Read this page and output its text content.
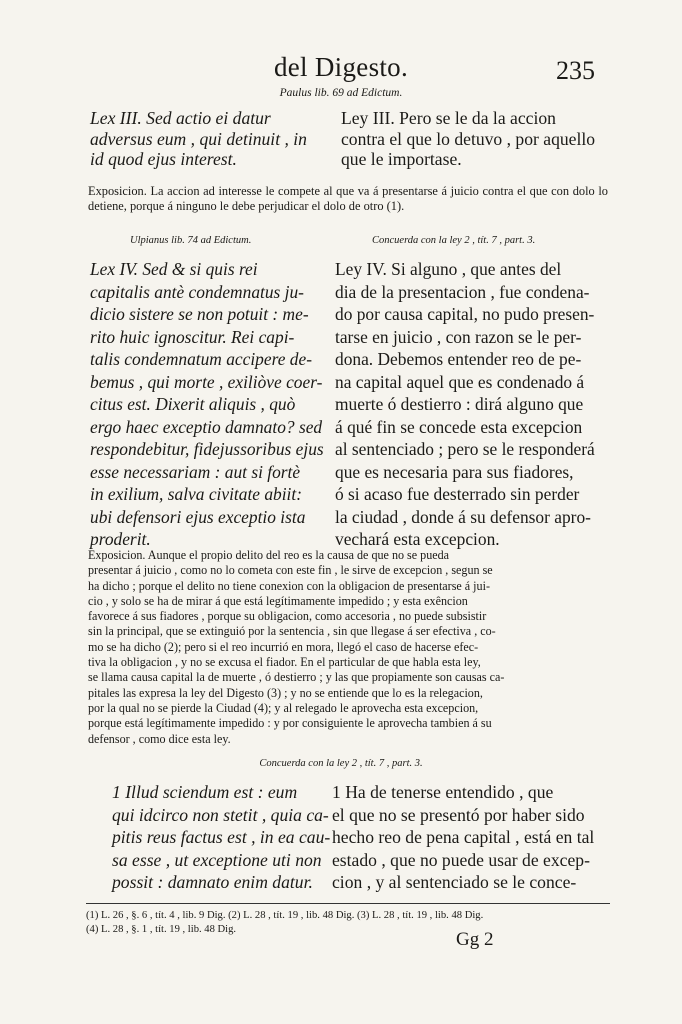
del Digesto.	235
Paulus lib. 69 ad Edictum.
Lex III. Sed actio ei datur
adversus eum , qui detinuit , in
id quod ejus interest.
Ley III. Pero se le da la accion
contra el que lo detuvo , por aquello
que le importase.
Exposicion. La accion ad interesse le compete al que va á presentarse á juicio contra el que con dolo lo detiene, porque á ninguno le debe perjudicar el dolo de otro (1).
Ulpianus lib. 74 ad Edictum.	Concuerda con la ley 2 , tít. 7 , part. 3.
Lex IV. Sed & si quis rei
capitalis antè condemnatus ju-
dicio sistere se non potuit : me-
rito huic ignoscitur. Rei capi-
talis condemnatum accipere de-
bemus , qui morte , exiliòve coer-
citus est. Dixerit aliquis , quò
ergo haec exceptio damnato? sed
respondebitur, fidejussoribus ejus
esse necessariam : aut si fortè
in exilium, salva civitate abiit:
ubi defensori ejus exceptio ista
proderit.
Ley IV. Si alguno , que antes del
dia de la presentacion , fue condena-
do por causa capital, no pudo presen-
tarse en juicio , con razon se le per-
dona. Debemos entender reo de pe-
na capital aquel que es condenado á
muerte ó destierro : dirá alguno que
á qué fin se concede esta excepcion
al sentenciado ; pero se le responderá
que es necesaria para sus fiadores,
ó si acaso fue desterrado sin perder
la ciudad , donde á su defensor apro-
vechará esta excepcion.
Exposicion. Aunque el propio delito del reo es la causa de que no se pueda
presentar á juicio , como no lo cometa con este fin , le sirve de excepcion , segun se
ha dicho ; porque el delito no tiene conexion con la obligacion de presentarse á jui-
cio , y solo se ha de mirar á que está legítimamente impedido ; y esta exêncion
favorece á sus fiadores , porque su obligacion, como accesoria , no puede subsistir
sin la principal, que se extinguió por la sentencia , sin que llegase á ser efectiva , co-
mo se ha dicho (2); pero si el reo incurrió en mora, llegó el caso de hacerse efec-
tiva la obligacion , y no se excusa el fiador. En el particular de que habla esta ley,
se llama causa capital la de muerte , ó destierro ; y las que propiamente son causas ca-
pitales las expresa la ley del Digesto (3) ; y no se entiende que lo es la relegacion,
por la qual no se pierde la Ciudad (4); y al relegado le aprovecha esta excepcion,
porque está legítimamente impedido : y por consiguiente le aprovecha tambien á su
defensor , como dice esta ley.
Concuerda con la ley 2 , tít. 7 , part. 3.
1 Illud sciendum est : eum
qui idcirco non stetit , quia ca-
pitis reus factus est , in ea cau-
sa esse , ut exceptione uti non
possit : damnato enim datur.
1 Ha de tenerse entendido , que
el que no se presentó por haber sido
hecho reo de pena capital , está en tal
estado , que no puede usar de excep-
cion , y al sentenciado se le conce-
(1) L. 26 , §. 6 , tít. 4 , lib. 9 Dig. (2) L. 28 , tít. 19 , lib. 48 Dig. (3) L. 28 , tít. 19 , lib. 48 Dig.
(4) L. 28 , §. 1 , tít. 19 , lib. 48 Dig.	Gg 2
